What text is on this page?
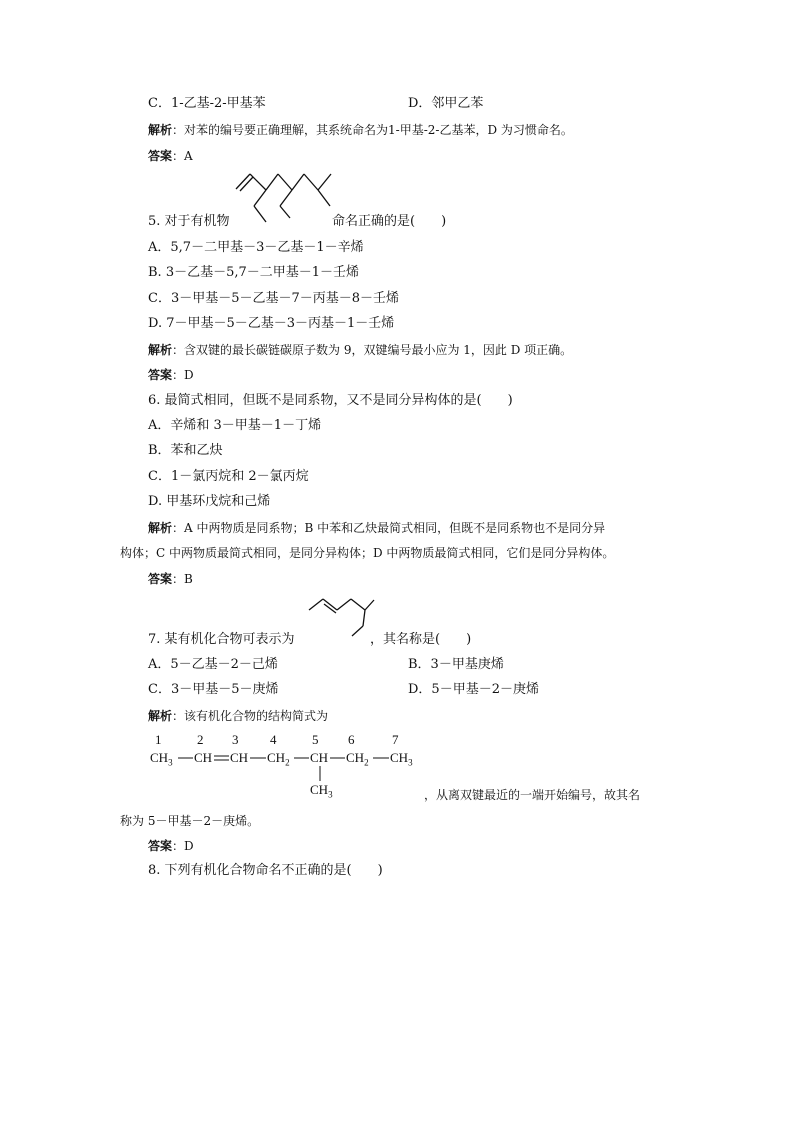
C．1-乙基-2-甲基苯	D．邻甲乙苯
解析：对苯的编号要正确理解，其系统命名为1-甲基-2-乙基苯，D 为习惯命名。
答案：A
5. 对于有机物	命名正确的是(　　)
A．5,7－二甲基－3－乙基－1－辛烯
B. 3－乙基－5,7－二甲基－1－壬烯
C．3－甲基－5－乙基－7－丙基－8－壬烯
D. 7－甲基－5－乙基－3－丙基－1－壬烯
解析：含双键的最长碳链碳原子数为 9，双键编号最小应为 1，因此 D 项正确。
答案：D
6. 最简式相同，但既不是同系物，又不是同分异构体的是(　　)
A．辛烯和 3－甲基－1－丁烯
B．苯和乙炔
C．1－氯丙烷和 2－氯丙烷
D. 甲基环戊烷和己烯
解析：A 中两物质是同系物；B 中苯和乙炔最简式相同，但既不是同系物也不是同分异
构体；C 中两物质最简式相同，是同分异构体；D 中两物质最简式相同，它们是同分异构体。
答案：B
7. 某有机化合物可表示为	，其名称是(　　)
A．5－乙基－2－己烯	B．3－甲基庚烯
C．3－甲基－5－庚烯	D．5－甲基－2－庚烯
解析：该有机化合物的结构简式为
1	2 3 4	5 6	7
$CH_3$ CH CH $CH_2$ CH $CH_2$ $CH_3$
$CH_3$	，从离双键最近的一端开始编号，故其名
称为 5－甲基－2－庚烯。
答案：D
8. 下列有机化合物命名不正确的是(　　)
